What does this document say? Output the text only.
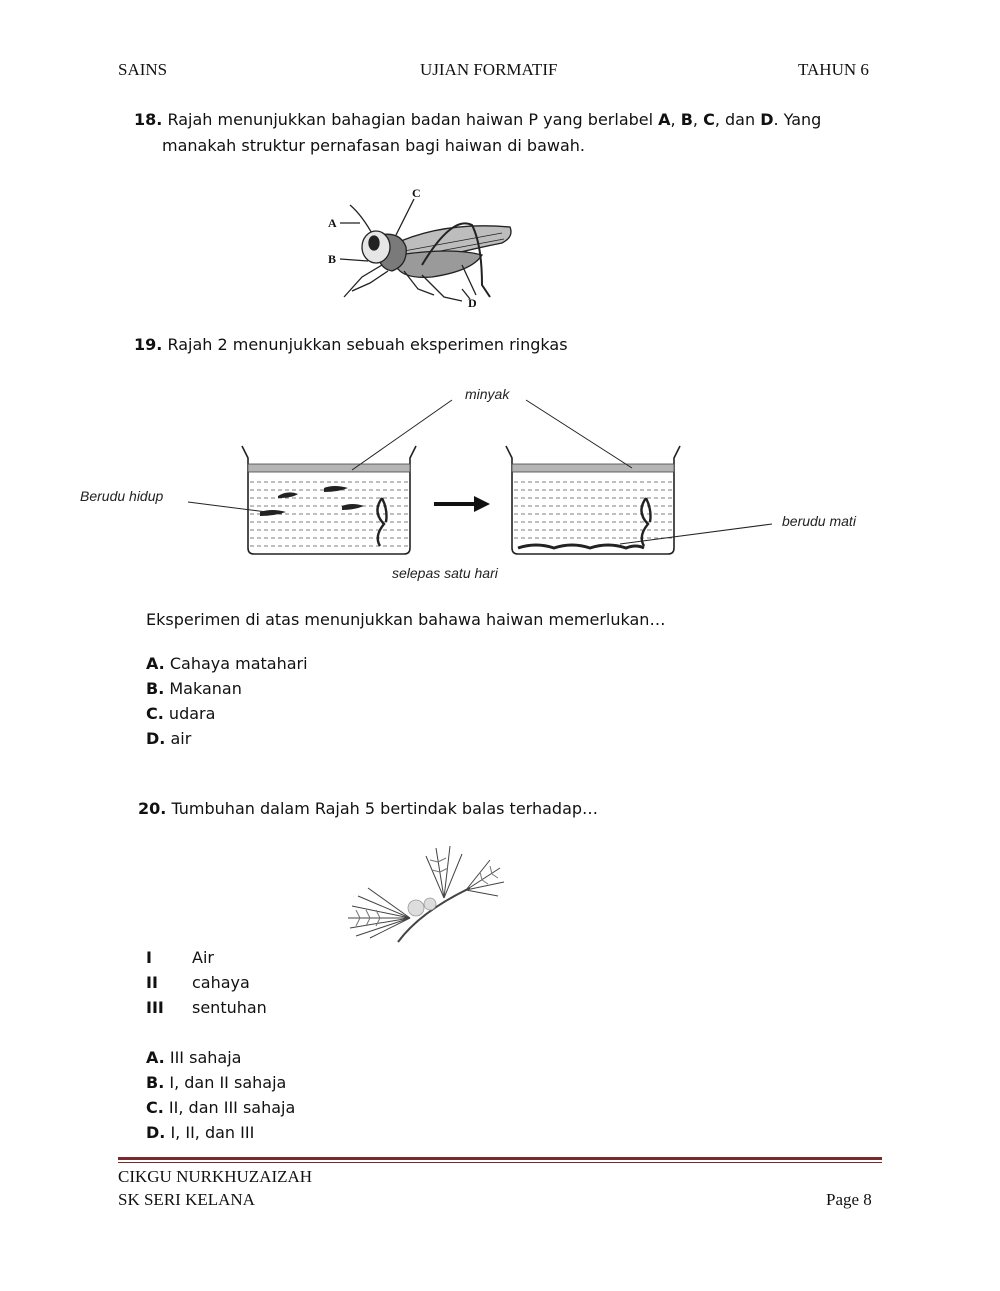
SAINS	UJIAN FORMATIF	TAHUN 6
18. Rajah menunjukkan bahagian badan haiwan P yang berlabel A, B, C, dan D. Yang
manakah struktur pernafasan bagi haiwan di bawah.
A
B
C
D
19. Rajah 2 menunjukkan sebuah eksperimen ringkas
minyak
Berudu hidup
berudu mati
selepas satu hari
Eksperimen di atas menunjukkan bahawa haiwan memerlukan…
A. Cahaya matahari
B. Makanan
C. udara
D. air
20. Tumbuhan dalam Rajah 5 bertindak balas terhadap…
I	Air
II cahaya
III sentuhan
A. III sahaja
B. I, dan II sahaja
C. II, dan III sahaja
D. I, II, dan III
CIKGU NURKHUZAIZAH
SK SERI KELANA	Page 8
